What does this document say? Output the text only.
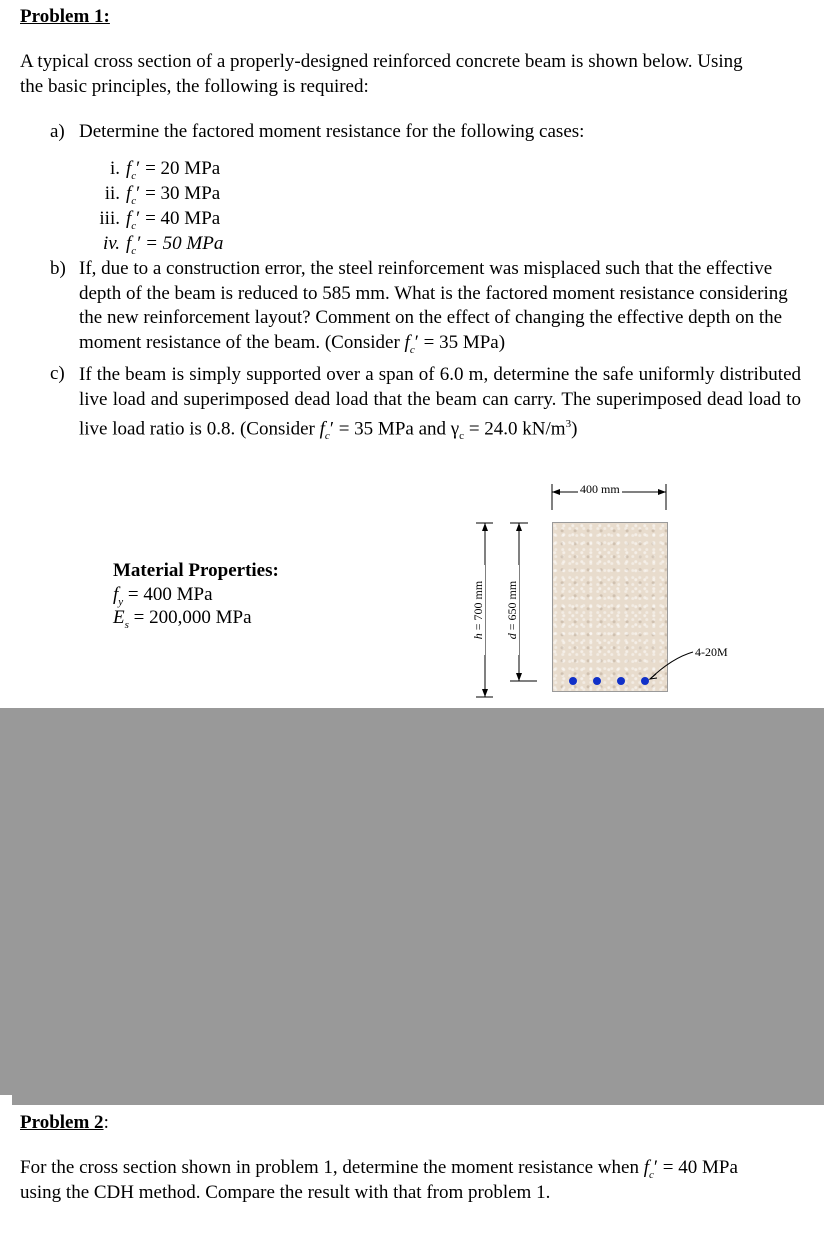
Problem 1:
A typical cross section of a properly-designed reinforced concrete beam is shown below. Using
the basic principles, the following is required:
a) Determine the factored moment resistance for the following cases:
i. $f_c' = 20$ MPa
ii. $f_c' = 30$ MPa
iii. $f_c' = 40$ MPa
iv. $f_c' = 50$ MPa
b) If, due to a construction error, the steel reinforcement was misplaced such that the effective depth of the beam is reduced to 585 mm. What is the factored moment resistance considering the new reinforcement layout? Comment on the effect of changing the effective depth on the moment resistance of the beam. (Consider $f_c' = 35$ MPa)
c) If the beam is simply supported over a span of 6.0 m, determine the safe uniformly distributed live load and superimposed dead load that the beam can carry. The superimposed dead load to live load ratio is 0.8. (Consider $f_c' = 35$ MPa and $\gamma_c = 24.0$ $kN/m^3$)
Material Properties:
$f_y = 400$ MPa
$E_s = 200,000$ MPa
400 mm
h = 700 mm
d = 650 mm
4-20M
Problem 2:
For the cross section shown in problem 1, determine the moment resistance when $f_c' = 40$ MPa
using the CDH method. Compare the result with that from problem 1.
